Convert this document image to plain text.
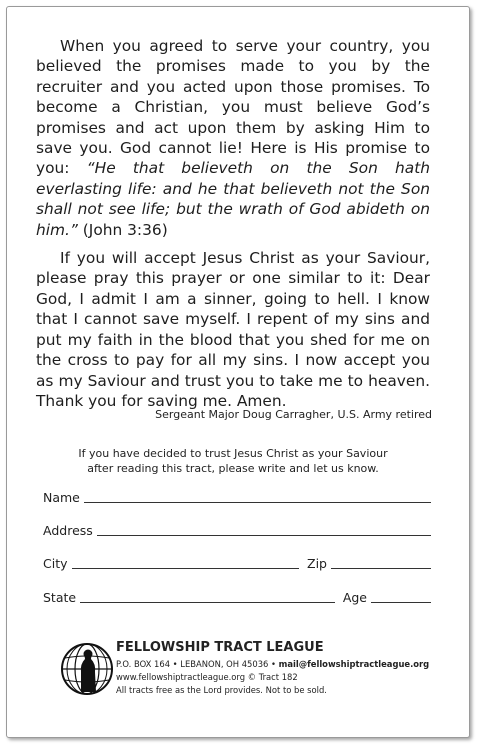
When you agreed to serve your country, you believed the promises made to you by the recruiter and you acted upon those promises. To become a Christian, you must believe God’s promises and act upon them by asking Him to save you. God cannot lie! Here is His promise to you: “He that believeth on the Son hath everlasting life: and he that believeth not the Son shall not see life; but the wrath of God abideth on him.” (John 3:36)

If you will accept Jesus Christ as your Saviour, please pray this prayer or one similar to it: Dear God, I admit I am a sinner, going to hell. I know that I cannot save myself. I repent of my sins and put my faith in the blood that you shed for me on the cross to pay for all my sins. I now accept you as my Saviour and trust you to take me to heaven. Thank you for saving me. Amen.

Sergeant Major Doug Carragher, U.S. Army retired
If you have decided to trust Jesus Christ as your Saviour
after reading this tract, please write and let us know.
Name
Address
City	Zip
State	Age
FELLOWSHIP TRACT LEAGUE
P.O. BOX 164 • LEBANON, OH 45036 • mail@fellowshiptractleague.org
www.fellowshiptractleague.org © Tract 182
All tracts free as the Lord provides. Not to be sold.
